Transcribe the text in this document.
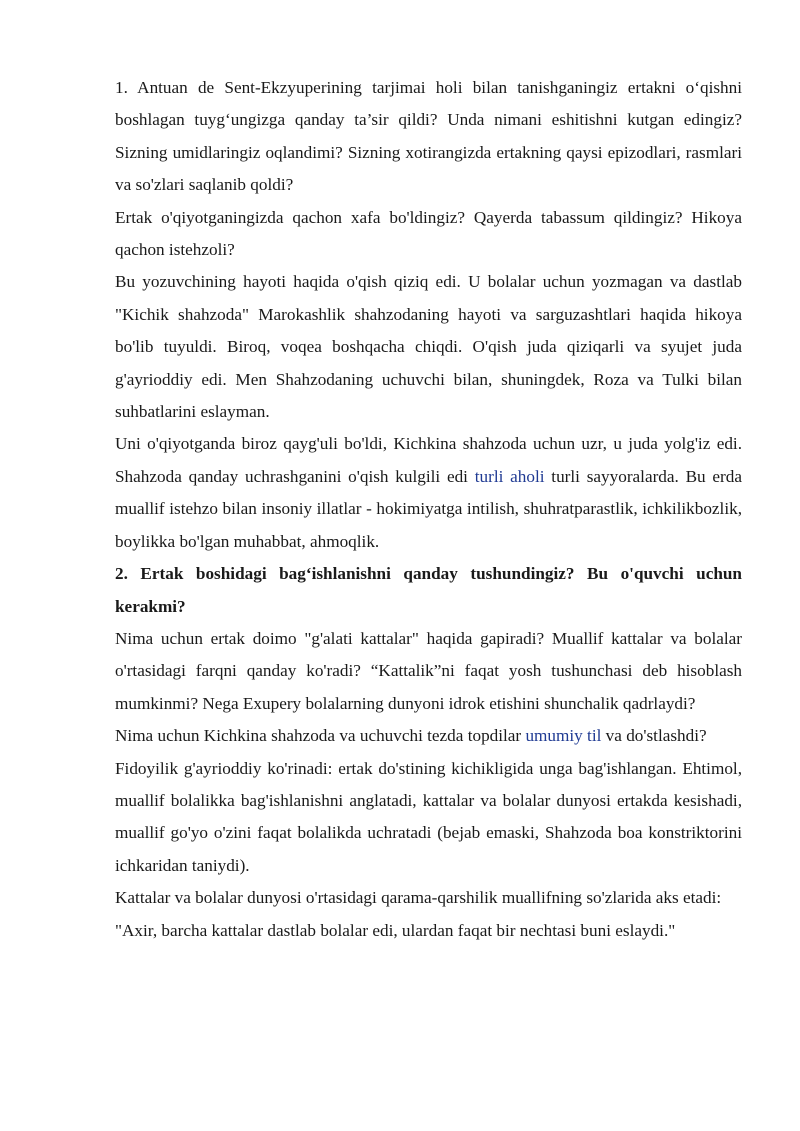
1. Antuan de Sent-Ekzyuperining tarjimai holi bilan tanishganingiz ertakni o‘qishni boshlagan tuyg‘ungizga qanday ta’sir qildi? Unda nimani eshitishni kutgan edingiz? Sizning umidlaringiz oqlandimi? Sizning xotirangizda ertakning qaysi epizodlari, rasmlari va so'zlari saqlanib qoldi?

Ertak o'qiyotganingizda qachon xafa bo'ldingiz? Qayerda tabassum qildingiz? Hikoya qachon istehzoli?

Bu yozuvchining hayoti haqida o'qish qiziq edi. U bolalar uchun yozmagan va dastlab "Kichik shahzoda" Marokashlik shahzodaning hayoti va sarguzashtlari haqida hikoya bo'lib tuyuldi. Biroq, voqea boshqacha chiqdi. O'qish juda qiziqarli va syujet juda g'ayrioddiy edi. Men Shahzodaning uchuvchi bilan, shuningdek, Roza va Tulki bilan suhbatlarini eslayman.

Uni o'qiyotganda biroz qayg'uli bo'ldi, Kichkina shahzoda uchun uzr, u juda yolg'iz edi. Shahzoda qanday uchrashganini o'qish kulgili edi turli aholi turli sayyoralarda. Bu erda muallif istehzo bilan insoniy illatlar - hokimiyatga intilish, shuhratparastlik, ichkilikbozlik, boylikka bo'lgan muhabbat, ahmoqlik.

2. Ertak boshidagi bag‘ishlanishni qanday tushundingiz? Bu o'quvchi uchun kerakmi?

Nima uchun ertak doimo "g'alati kattalar" haqida gapiradi? Muallif kattalar va bolalar o'rtasidagi farqni qanday ko'radi? “Kattalik”ni faqat yosh tushunchasi deb hisoblash mumkinmi? Nega Exupery bolalarning dunyoni idrok etishini shunchalik qadrlaydi?

Nima uchun Kichkina shahzoda va uchuvchi tezda topdilar umumiy til va do'stlashdi?

Fidoyilik g'ayrioddiy ko'rinadi: ertak do'stining kichikligida unga bag'ishlangan. Ehtimol, muallif bolalikka bag'ishlanishni anglatadi, kattalar va bolalar dunyosi ertakda kesishadi, muallif go'yo o'zini faqat bolalikda uchratadi (bejab emaski, Shahzoda boa konstriktorini ichkaridan taniydi).

Kattalar va bolalar dunyosi o'rtasidagi qarama-qarshilik muallifning so'zlarida aks etadi:

"Axir, barcha kattalar dastlab bolalar edi, ulardan faqat bir nechtasi buni eslaydi."
